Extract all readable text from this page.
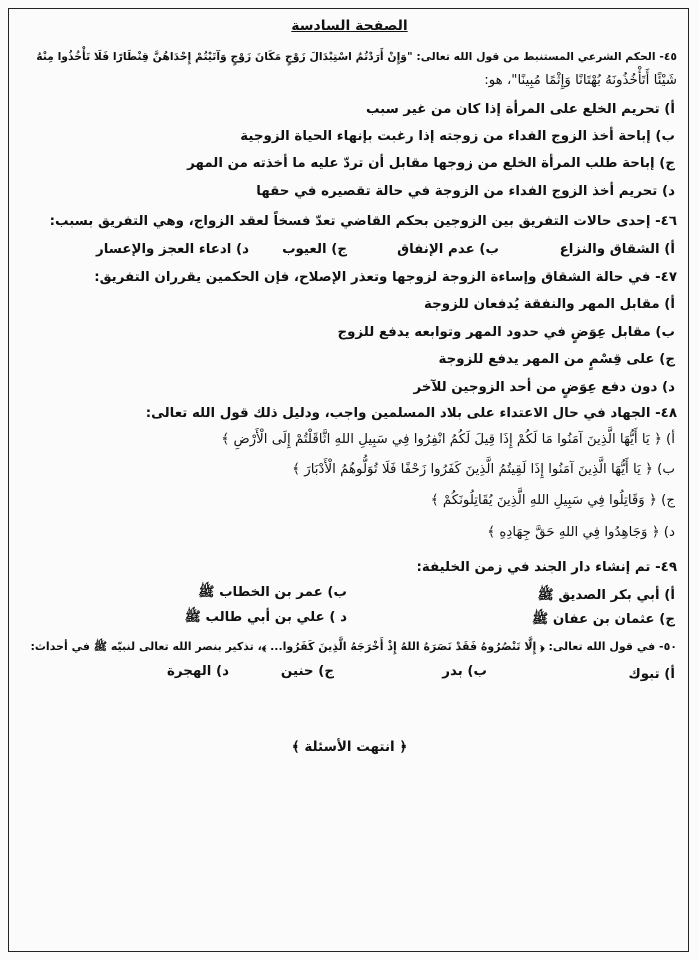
الصفحة السادسة
٤٥- الحكم الشرعي المستنبط من قول الله تعالى: "وَإِنْ أَرَدْتُمُ اسْتِبْدَالَ زَوْجٍ مَكَانَ زَوْجٍ وَآتَيْتُمْ إِحْدَاهُنَّ قِنْطَارًا فَلَا تَأْخُذُوا مِنْهُ
شَيْئًا أَتَأْخُذُونَهُ بُهْتَانًا وَإِثْمًا مُبِينًا"، هو:
أ) تحريم الخلع على المرأة إذا كان من غير سبب
ب) إباحة أخذ الزوج الفداء من زوجته إذا رغبت بإنهاء الحياة الزوجية
ج) إباحة طلب المرأة الخلع من زوجها مقابل أن تردّ عليه ما أخذته من المهر
د) تحريم أخذ الزوج الفداء من الزوجة في حالة تقصيره في حقها
٤٦- إحدى حالات التفريق بين الزوجين بحكم القاضي تعدّ فسخاً لعقد الزواج، وهي التفريق بسبب:
أ) الشقاق والنزاع
ب) عدم الإنفاق
ج) العيوب
د) ادعاء العجز والإعسار
٤٧- في حالة الشقاق وإساءة الزوجة لزوجها وتعذر الإصلاح، فإن الحكمين يقرران التفريق:
أ) مقابل المهر والنفقة يُدفعان للزوجة
ب) مقابل عِوَضٍ في حدود المهر وتوابعه يدفع للزوج
ج) على قِسْمٍ من المهر يدفع للزوجة
د) دون دفع عِوَضٍ من أحد الزوجين للآخر
٤٨- الجهاد في حال الاعتداء على بلاد المسلمين واجب، ودليل ذلك قول الله تعالى:
أ) ﴿ يَا أَيُّهَا الَّذِينَ آمَنُوا مَا لَكُمْ إِذَا قِيلَ لَكُمُ انْفِرُوا فِي سَبِيلِ اللهِ اثَّاقَلْتُمْ إِلَى الْأَرْضِ ﴾
ب) ﴿ يَا أَيُّهَا الَّذِينَ آمَنُوا إِذَا لَقِيتُمُ الَّذِينَ كَفَرُوا زَحْفًا فَلَا تُوَلُّوهُمُ الْأَدْبَارَ ﴾
ج) ﴿ وَقَاتِلُوا فِي سَبِيلِ اللهِ الَّذِينَ يُقَاتِلُونَكُمْ ﴾
د) ﴿ وَجَاهِدُوا فِي اللهِ حَقَّ جِهَادِهِ ﴾
٤٩- تم إنشاء دار الجند في زمن الخليفة:
أ) أبي بكر الصديق ﷺ
ب) عمر بن الخطاب ﷺ
ج) عثمان بن عفان ﷺ
د ) علي بن أبي طالب ﷺ
٥٠- في قول الله تعالى: ﴿ إِلَّا تَنْصُرُوهُ فَقَدْ نَصَرَهُ اللهُ إِذْ أَخْرَجَهُ الَّذِينَ كَفَرُوا... ﴾، تذكير بنصر الله تعالى لنبيّه ﷺ في أحداث:
أ) تبوك
ب) بدر
ج) حنين
د) الهجرة
﴿ انتهت الأسئلة ﴾
